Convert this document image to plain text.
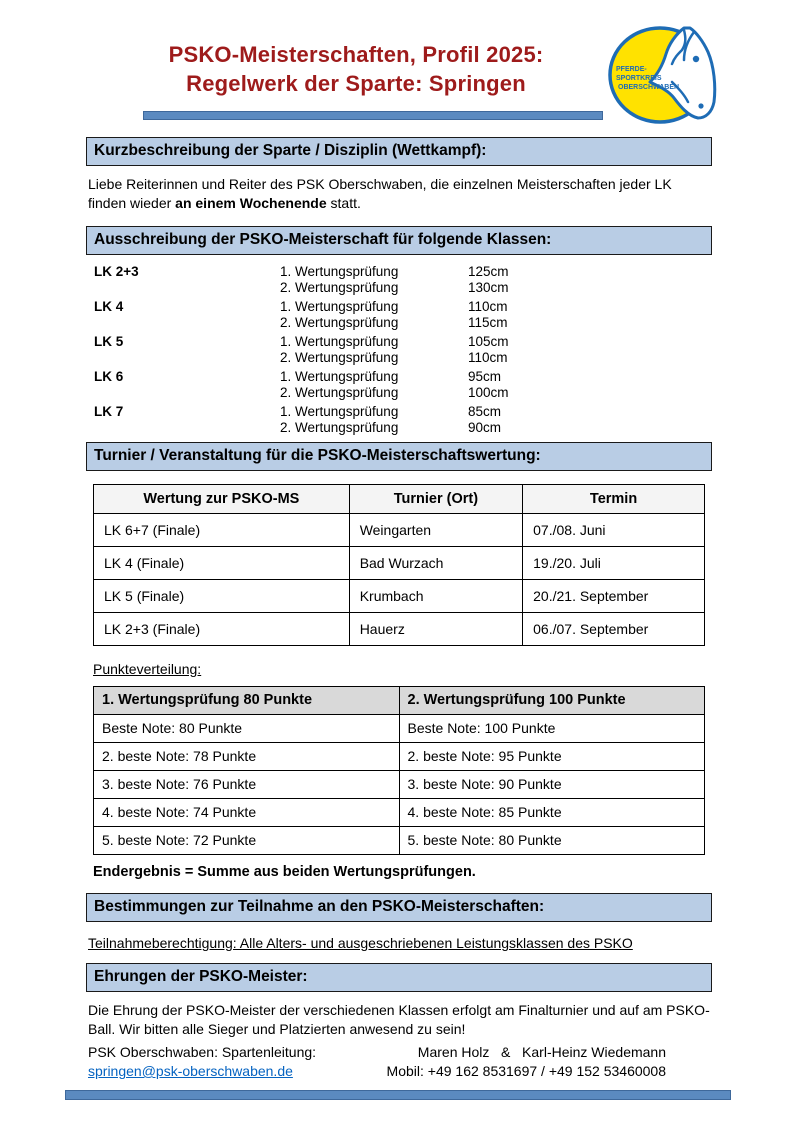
PSKO-Meisterschaften, Profil 2025:
Regelwerk der Sparte: Springen
PFERDE-
SPORTKREIS
OBERSCHWABEN
Kurzbeschreibung der Sparte / Disziplin (Wettkampf):
Liebe Reiterinnen und Reiter des PSK Oberschwaben, die einzelnen Meisterschaften jeder LK finden wieder an einem Wochenende statt.
Ausschreibung der PSKO-Meisterschaft für folgende Klassen:
LK 2+3	1. Wertungsprüfung	125cm
2. Wertungsprüfung	130cm
LK 4	1. Wertungsprüfung	110cm
2. Wertungsprüfung	115cm
LK 5	1. Wertungsprüfung	105cm
2. Wertungsprüfung	110cm
LK 6	1. Wertungsprüfung	95cm
2. Wertungsprüfung	100cm
LK 7	1. Wertungsprüfung	85cm
2. Wertungsprüfung	90cm
Turnier / Veranstaltung für die PSKO-Meisterschaftswertung:
Wertung zur PSKO-MS	Turnier (Ort)	Termin
LK 6+7 (Finale)	Weingarten	07./08. Juni
LK 4 (Finale)	Bad Wurzach	19./20. Juli
LK 5 (Finale)	Krumbach	20./21. September
LK 2+3 (Finale)	Hauerz	06./07. September
Punkteverteilung:
1. Wertungsprüfung 80 Punkte	2. Wertungsprüfung 100 Punkte
Beste Note: 80 Punkte	Beste Note: 100 Punkte
2. beste Note: 78 Punkte	2. beste Note: 95 Punkte
3. beste Note: 76 Punkte	3. beste Note: 90 Punkte
4. beste Note: 74 Punkte	4. beste Note: 85 Punkte
5. beste Note: 72 Punkte	5. beste Note: 80 Punkte
Endergebnis = Summe aus beiden Wertungsprüfungen.
Bestimmungen zur Teilnahme an den PSKO-Meisterschaften:
Teilnahmeberechtigung: Alle Alters- und ausgeschriebenen Leistungsklassen des PSKO
Ehrungen der PSKO-Meister:
Die Ehrung der PSKO-Meister der verschiedenen Klassen erfolgt am Finalturnier und auf am PSKO-Ball. Wir bitten alle Sieger und Platzierten anwesend zu sein!
PSK Oberschwaben: Spartenleitung:	Maren Holz   &   Karl-Heinz Wiedemann
springen@psk-oberschwaben.de	Mobil: +49 162 8531697 / +49 152 53460008
